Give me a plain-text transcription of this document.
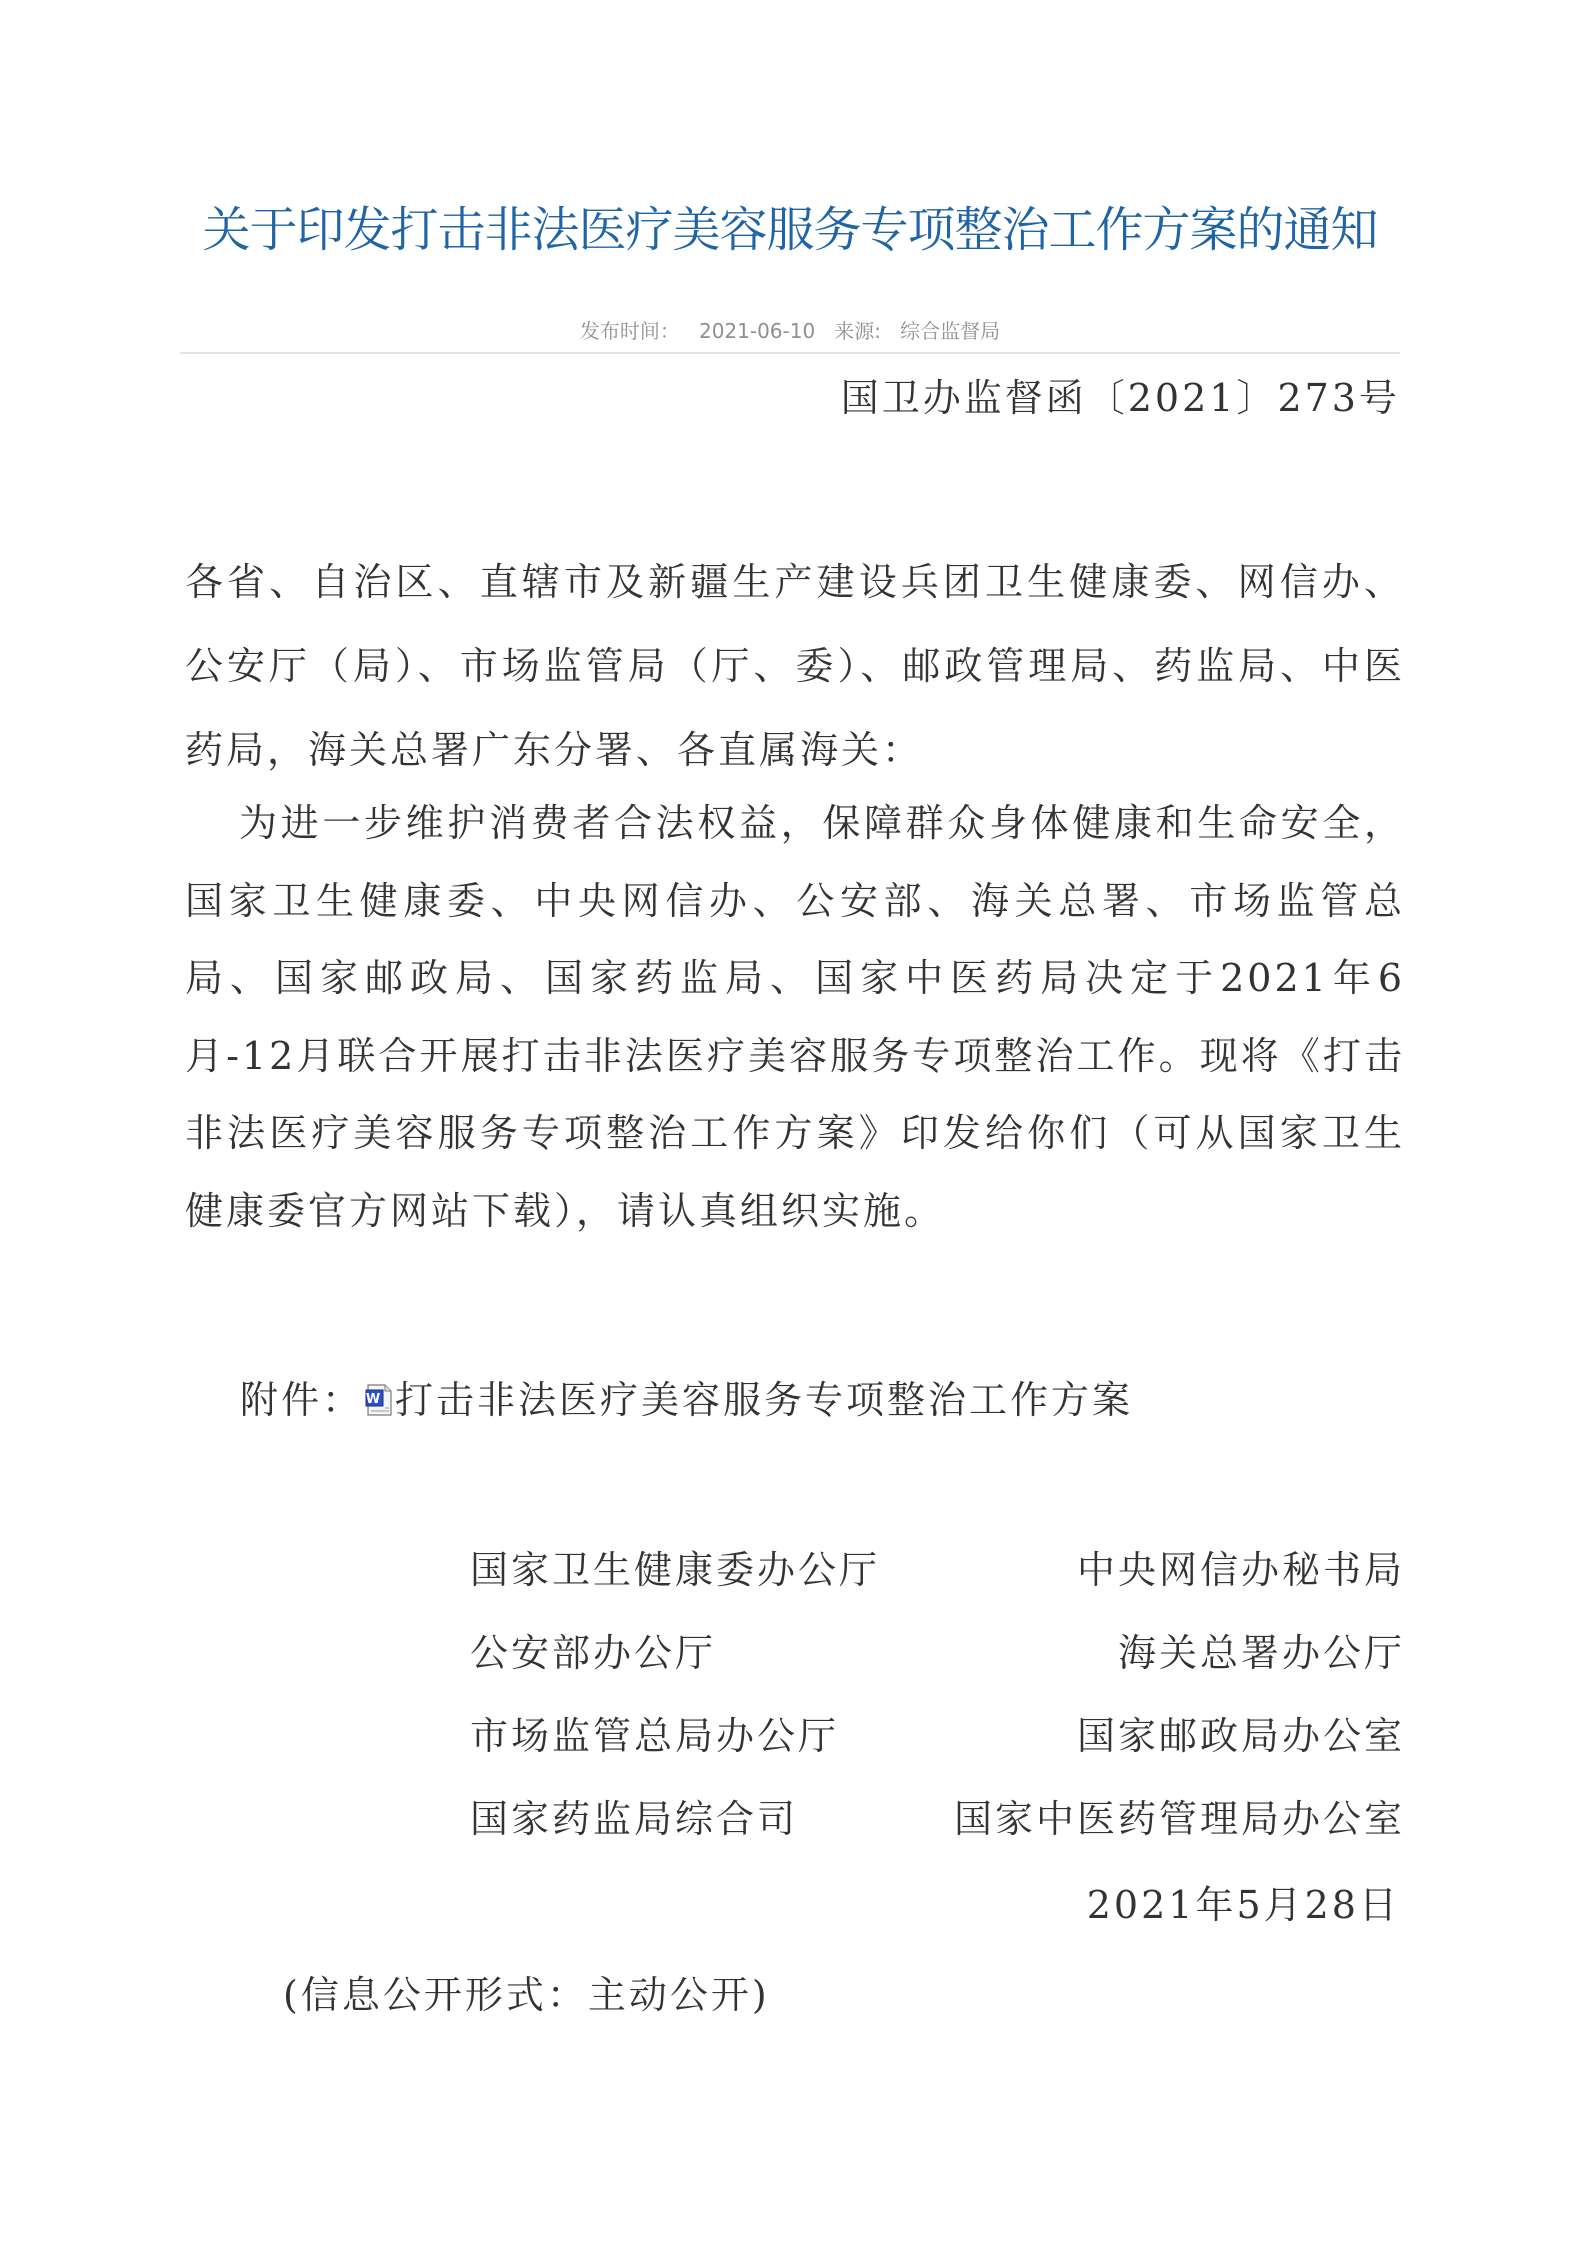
关于印发打击非法医疗美容服务专项整治工作方案的通知
发布时间： 2021-06-10 来源: 综合监督局
国卫办监督函〔2021〕273号

各省、自治区、直辖市及新疆生产建设兵团卫生健康委、网信办、公安厅（局）、市场监管局（厅、委）、邮政管理局、药监局、中医药局，海关总署广东分署、各直属海关：

为进一步维护消费者合法权益，保障群众身体健康和生命安全，国家卫生健康委、中央网信办、公安部、海关总署、市场监管总局、国家邮政局、国家药监局、国家中医药局决定于2021年6月-12月联合开展打击非法医疗美容服务专项整治工作。现将《打击非法医疗美容服务专项整治工作方案》印发给你们（可从国家卫生健康委官方网站下载），请认真组织实施。

附件： W 打击非法医疗美容服务专项整治工作方案
国家卫生健康委办公厅	中央网信办秘书局
公安部办公厅	海关总署办公厅
市场监管总局办公厅	国家邮政局办公室
国家药监局综合司	国家中医药管理局办公室
2021年5月28日
(信息公开形式：主动公开)
